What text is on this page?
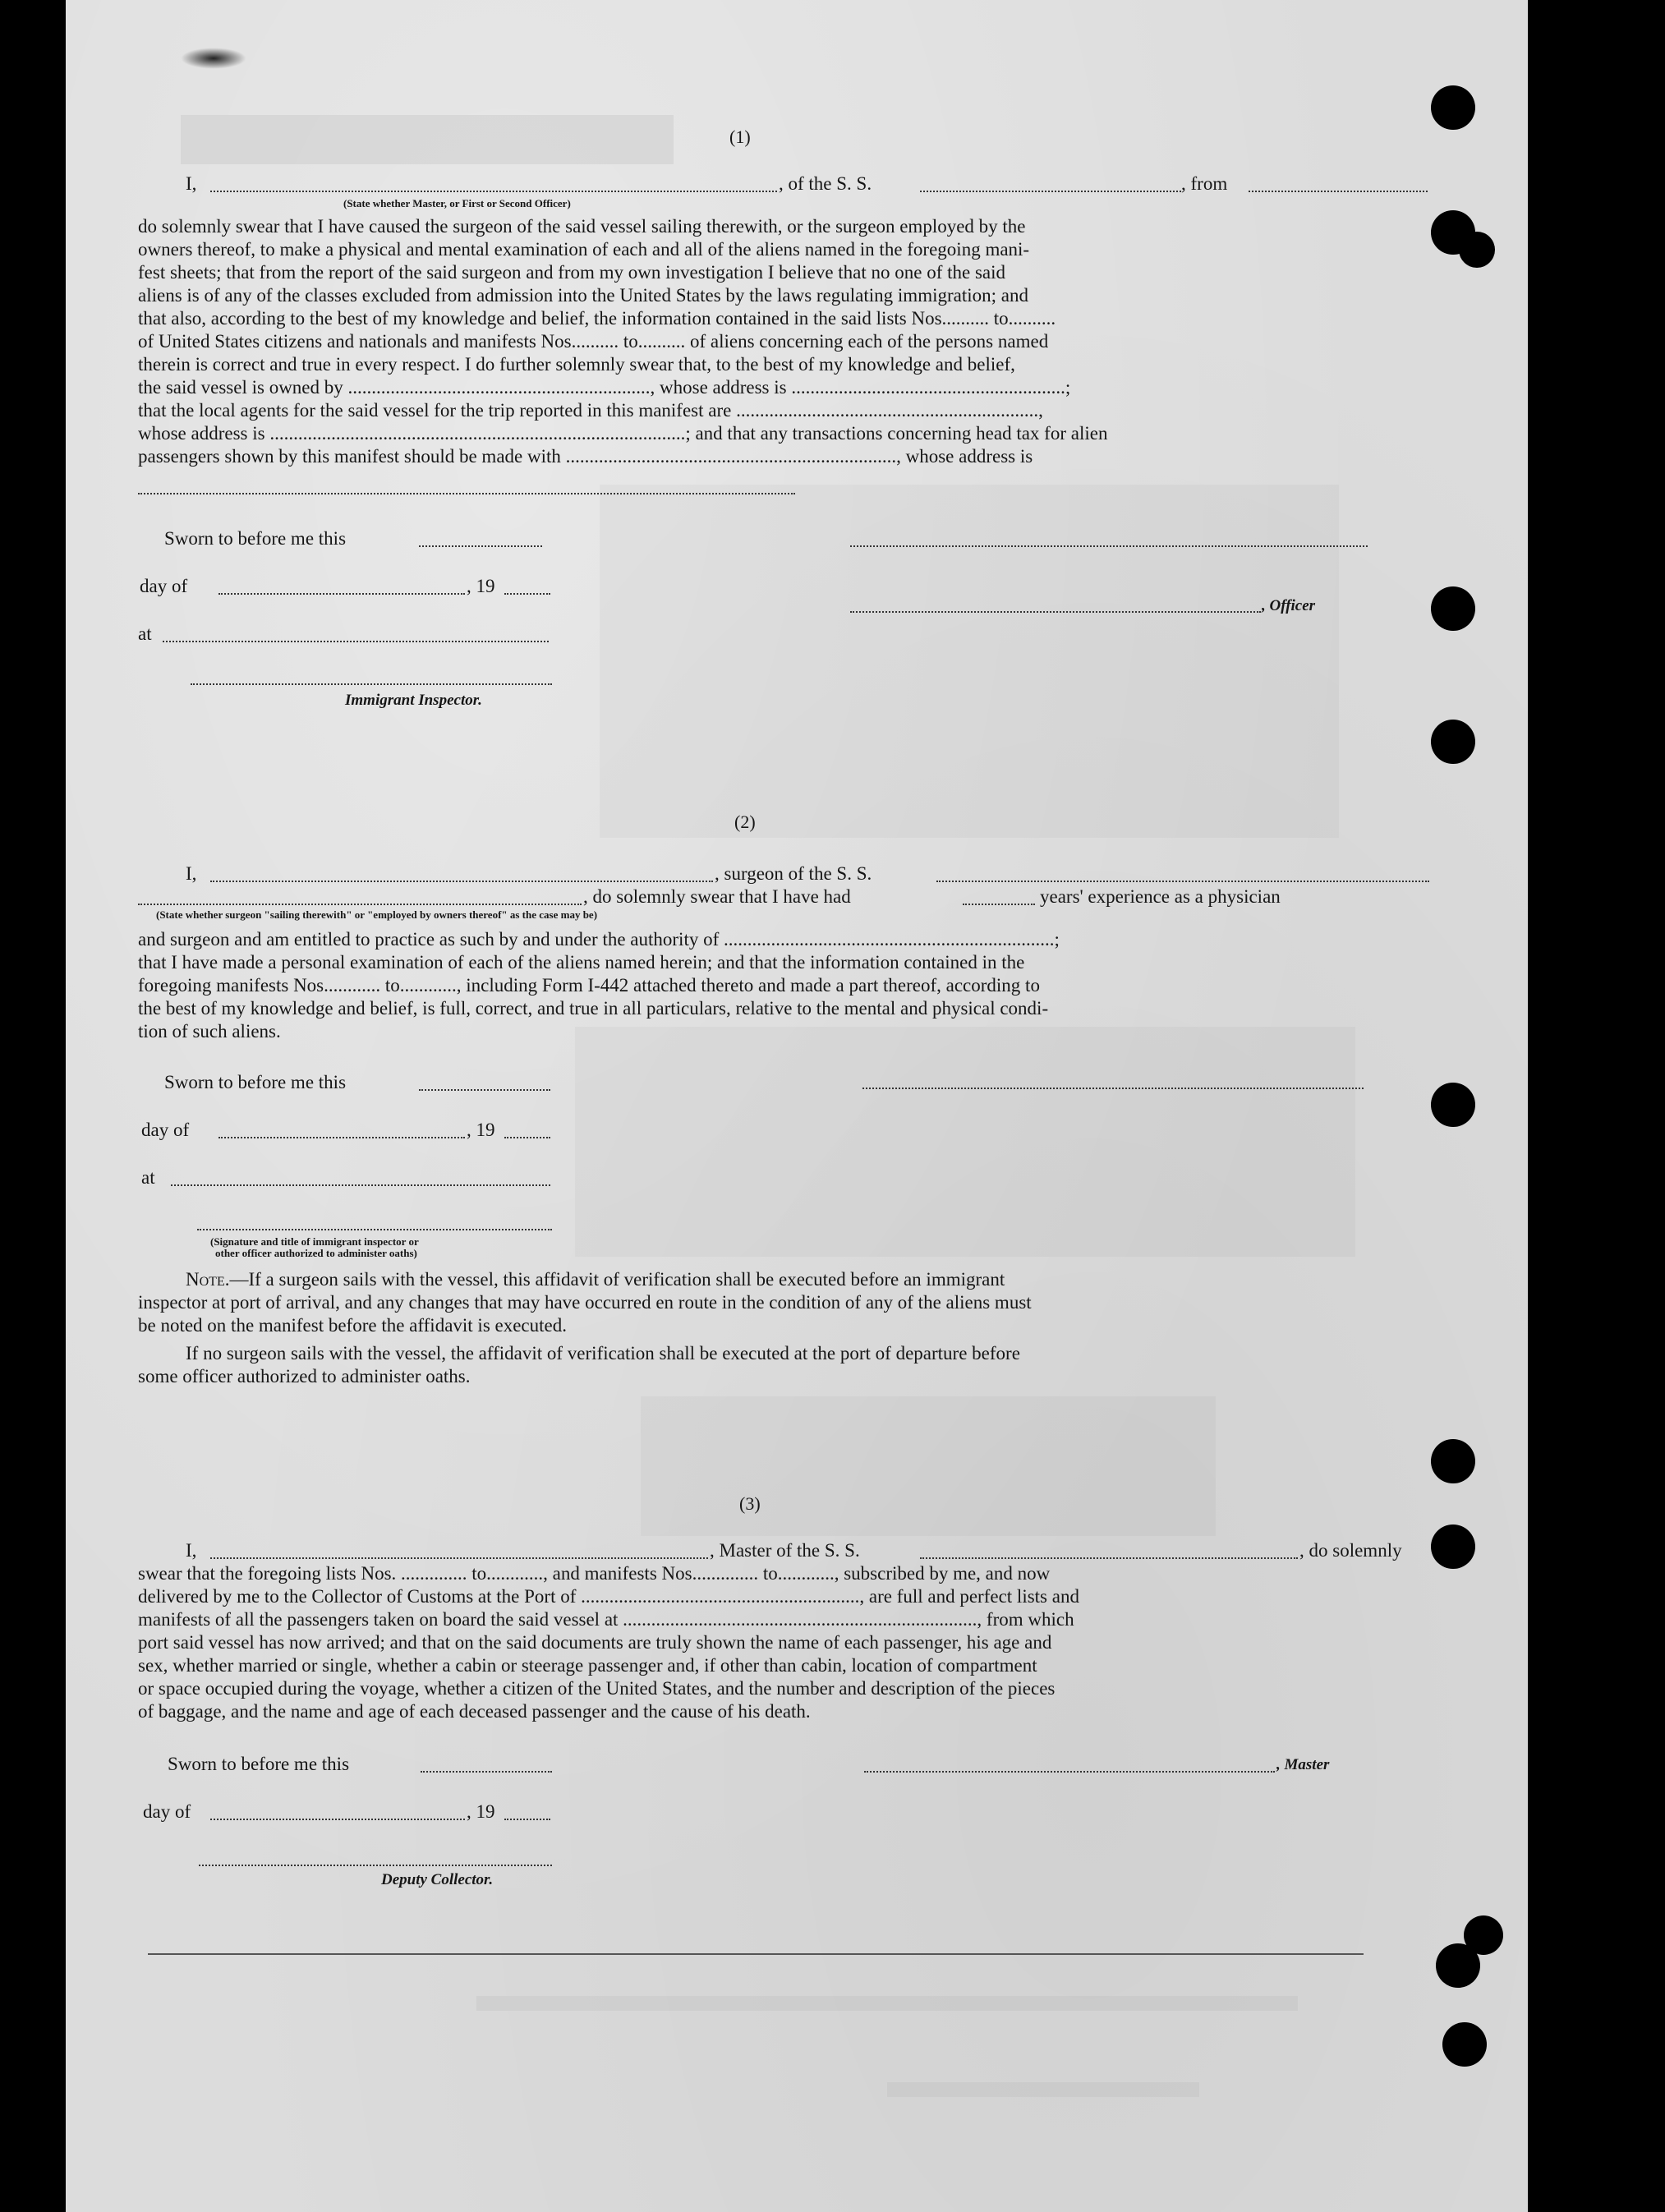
(1)
I,	, of the S. S.	, from
(State whether Master, or First or Second Officer)
do solemnly swear that I have caused the surgeon of the said vessel sailing therewith, or the surgeon employed by the
owners thereof, to make a physical and mental examination of each and all of the aliens named in the foregoing mani-
fest sheets; that from the report of the said surgeon and from my own investigation I believe that no one of the said
aliens is of any of the classes excluded from admission into the United States by the laws regulating immigration; and
that also, according to the best of my knowledge and belief, the information contained in the said lists Nos.......... to..........
of United States citizens and nationals and manifests Nos.......... to.......... of aliens concerning each of the persons named
therein is correct and true in every respect. I do further solemnly swear that, to the best of my knowledge and belief,
the said vessel is owned by ................................................................, whose address is ..........................................................;
that the local agents for the said vessel for the trip reported in this manifest are ................................................................,
whose address is ........................................................................................; and that any transactions concerning head tax for alien
passengers shown by this manifest should be made with ......................................................................, whose address is
Sworn to before me this
day of	, 19
, Officer
at
Immigrant Inspector.
(2)
I,	, surgeon of the S. S.
, do solemnly swear that I have had	years' experience as a physician
(State whether surgeon "sailing therewith" or "employed by owners thereof" as the case may be)
and surgeon and am entitled to practice as such by and under the authority of ......................................................................;
that I have made a personal examination of each of the aliens named herein; and that the information contained in the
foregoing manifests Nos............ to............, including Form I-442 attached thereto and made a part thereof, according to
the best of my knowledge and belief, is full, correct, and true in all particulars, relative to the mental and physical condi-
tion of such aliens.
Sworn to before me this
day of	, 19
at
(Signature and title of immigrant inspector or
other officer authorized to administer oaths)
Note.—If a surgeon sails with the vessel, this affidavit of verification shall be executed before an immigrant
inspector at port of arrival, and any changes that may have occurred en route in the condition of any of the aliens must
be noted on the manifest before the affidavit is executed.
If no surgeon sails with the vessel, the affidavit of verification shall be executed at the port of departure before
some officer authorized to administer oaths.
(3)
I,	, Master of the S. S.	, do solemnly
swear that the foregoing lists Nos. .............. to............, and manifests Nos.............. to............, subscribed by me, and now
delivered by me to the Collector of Customs at the Port of ..........................................................., are full and perfect lists and
manifests of all the passengers taken on board the said vessel at ..........................................................................., from which
port said vessel has now arrived; and that on the said documents are truly shown the name of each passenger, his age and
sex, whether married or single, whether a cabin or steerage passenger and, if other than cabin, location of compartment
or space occupied during the voyage, whether a citizen of the United States, and the number and description of the pieces
of baggage, and the name and age of each deceased passenger and the cause of his death.
Sworn to before me this	, Master
day of	, 19
Deputy Collector.
